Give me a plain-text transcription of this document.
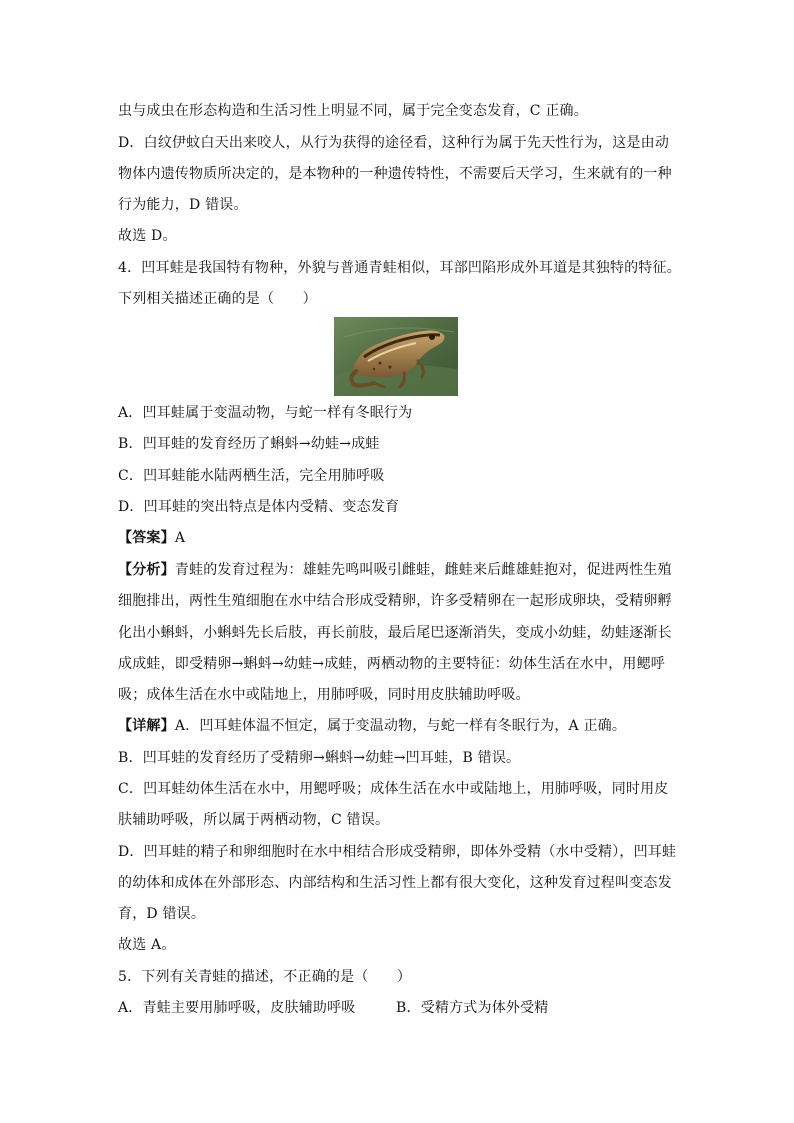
虫与成虫在形态构造和生活习性上明显不同，属于完全变态发育，C 正确。
D．白纹伊蚊白天出来咬人，从行为获得的途径看，这种行为属于先天性行为，这是由动
物体内遗传物质所决定的，是本物种的一种遗传特性，不需要后天学习，生来就有的一种
行为能力，D 错误。
故选 D。
4．凹耳蛙是我国特有物种，外貌与普通青蛙相似，耳部凹陷形成外耳道是其独特的特征。
下列相关描述正确的是（　　）
A．凹耳蛙属于变温动物，与蛇一样有冬眠行为
B．凹耳蛙的发育经历了蝌蚪→幼蛙→成蛙
C．凹耳蛙能水陆两栖生活，完全用肺呼吸
D．凹耳蛙的突出特点是体内受精、变态发育
【答案】A
【分析】青蛙的发育过程为：雄蛙先鸣叫吸引雌蛙，雌蛙来后雌雄蛙抱对，促进两性生殖
细胞排出，两性生殖细胞在水中结合形成受精卵，许多受精卵在一起形成卵块，受精卵孵
化出小蝌蚪，小蝌蚪先长后肢，再长前肢，最后尾巴逐渐消失，变成小幼蛙，幼蛙逐渐长
成成蛙，即受精卵→蝌蚪→幼蛙→成蛙，两栖动物的主要特征：幼体生活在水中，用鳃呼
吸；成体生活在水中或陆地上，用肺呼吸，同时用皮肤辅助呼吸。
【详解】A．凹耳蛙体温不恒定，属于变温动物，与蛇一样有冬眠行为，A 正确。
B．凹耳蛙的发育经历了受精卵→蝌蚪→幼蛙→凹耳蛙，B 错误。
C．凹耳蛙幼体生活在水中，用鳃呼吸；成体生活在水中或陆地上，用肺呼吸，同时用皮
肤辅助呼吸，所以属于两栖动物，C 错误。
D．凹耳蛙的精子和卵细胞时在水中相结合形成受精卵，即体外受精（水中受精），凹耳蛙
的幼体和成体在外部形态、内部结构和生活习性上都有很大变化，这种发育过程叫变态发
育，D 错误。
故选 A。
5．下列有关青蛙的描述，不正确的是（　　）
A．青蛙主要用肺呼吸，皮肤辅助呼吸	B．受精方式为体外受精
